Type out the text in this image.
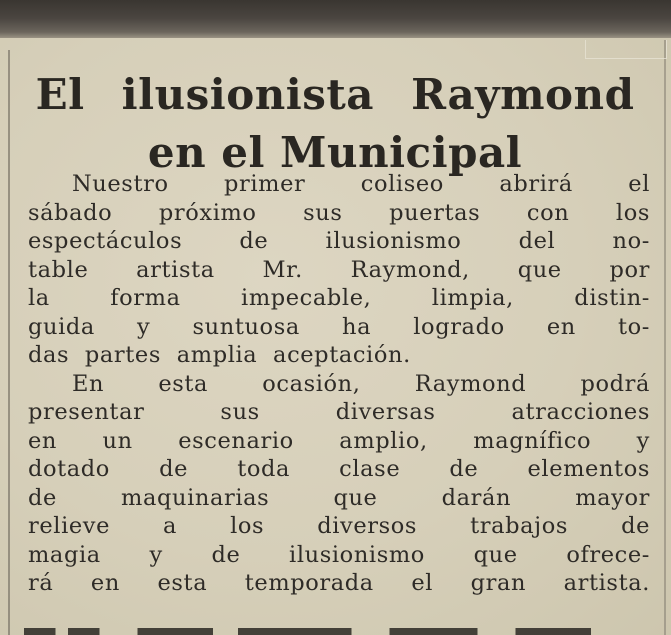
El ilusionista Raymond
en el Municipal
Nuestro primer coliseo abrirá el
sábado próximo sus puertas con los
espectáculos de ilusionismo del no-
table artista Mr. Raymond, que por
la forma impecable, limpia, distin-
guida y suntuosa ha logrado en to-
das partes amplia aceptación.
En esta ocasión, Raymond podrá
presentar sus diversas atracciones
en un escenario amplio, magnífico y
dotado de toda clase de elementos
de maquinarias que darán mayor
relieve a los diversos trabajos de
magia y de ilusionismo que ofrece-
rá en esta temporada el gran artista.
